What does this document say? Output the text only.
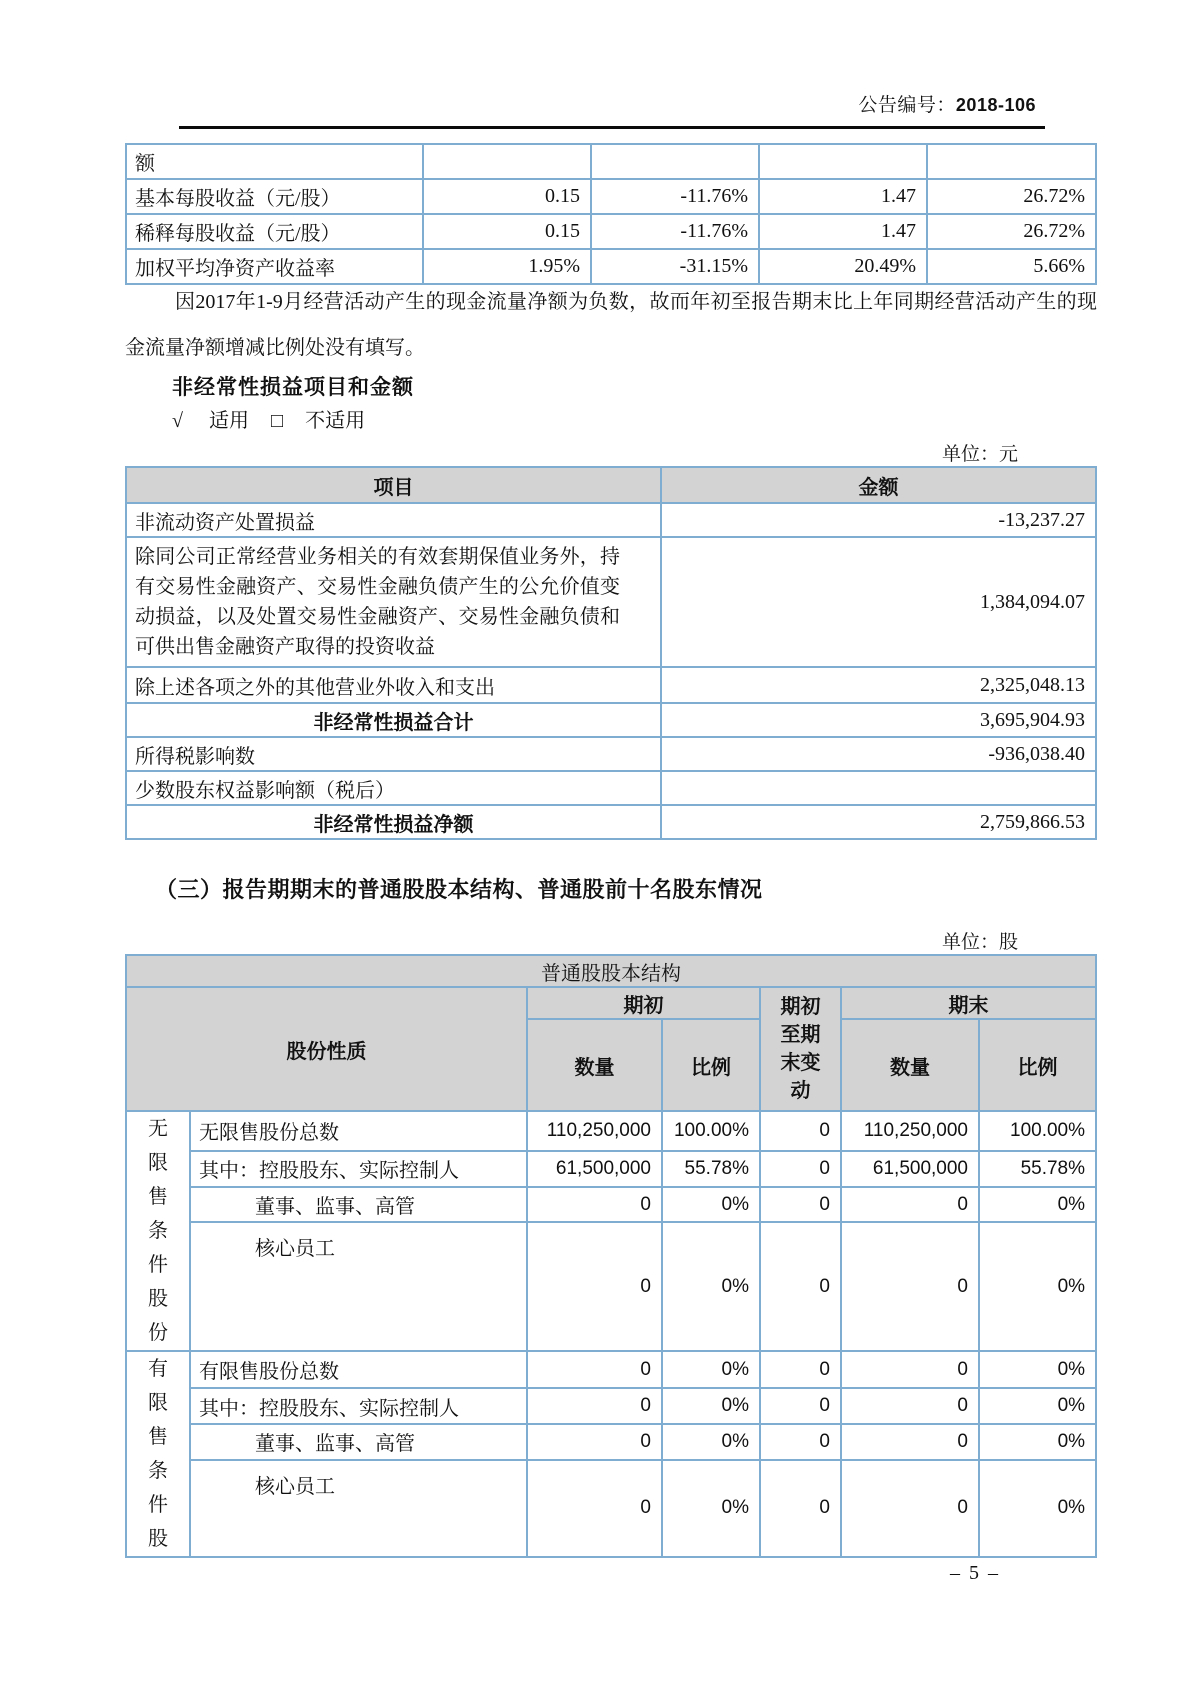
公告编号：2018-106
额				
基本每股收益（元/股）	0.15	-11.76%	1.47	26.72%
稀释每股收益（元/股）	0.15	-11.76%	1.47	26.72%
加权平均净资产收益率	1.95%	-31.15%	20.49%	5.66%
因2017年1-9月经营活动产生的现金流量净额为负数，故而年初至报告期末比上年同期经营活动产生的现金流量净额增减比例处没有填写。
非经常性损益项目和金额
√ 适用 □ 不适用
单位：元
项目	金额
非流动资产处置损益	-13,237.27
除同公司正常经营业务相关的有效套期保值业务外，持有交易性金融资产、交易性金融负债产生的公允价值变动损益，以及处置交易性金融资产、交易性金融负债和可供出售金融资产取得的投资收益	1,384,094.07
除上述各项之外的其他营业外收入和支出	2,325,048.13
非经常性损益合计	3,695,904.93
所得税影响数	-936,038.40
少数股东权益影响额（税后）	
非经常性损益净额	2,759,866.53
（三）报告期期末的普通股股本结构、普通股前十名股东情况
单位：股
普通股股本结构						
股份性质		期初		期初至期末变动	期末	
		数量	比例		数量	比例

无限售条件股份	无限售股份总数	110,250,000	100.00%	0	110,250,000	100.00%
	其中：控股股东、实际控制人	61,500,000	55.78%	0	61,500,000	55.78%
	董事、监事、高管	0	0%	0	0	0%
	核心员工	0	0%	0	0	0%

有限售条件股	有限售股份总数	0	0%	0	0	0%
	其中：控股股东、实际控制人	0	0%	0	0	0%
	董事、监事、高管	0	0%	0	0	0%
	核心员工	0	0%	0	0	0%
– 5 –
